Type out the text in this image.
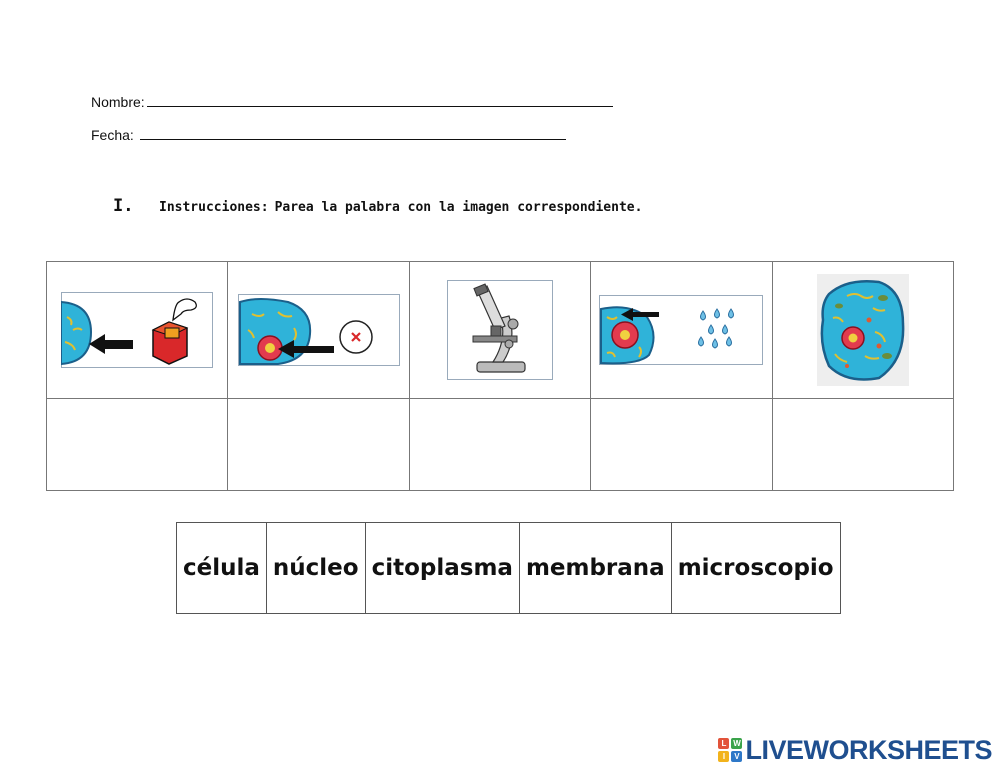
Nombre:
Fecha:
I. Instrucciones: Parea la palabra con la imagen correspondiente.

célula	núcleo	citoplasma	membrana	microscopio
L W
I	V LIVEWORKSHEETS
